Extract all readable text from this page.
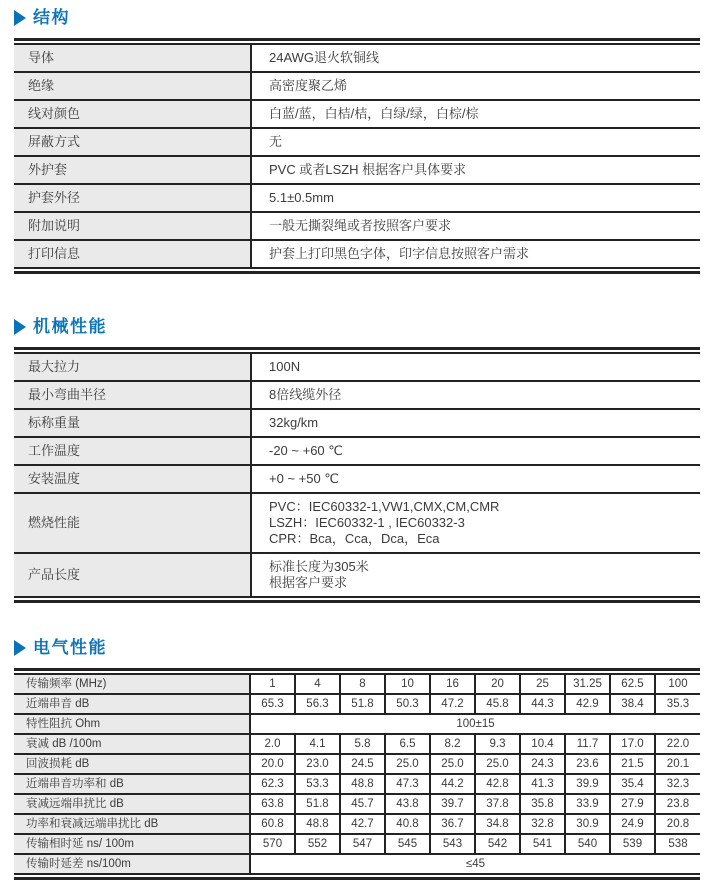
结构
导体	24AWG退火软铜线
绝缘	高密度聚乙烯
线对颜色	白蓝/蓝，白桔/桔，白绿/绿，白棕/棕
屏蔽方式	无
外护套	PVC 或者LSZH 根据客户具体要求
护套外径	5.1±0.5mm
附加说明	一般无撕裂绳或者按照客户要求
打印信息	护套上打印黑色字体，印字信息按照客户需求
机械性能
最大拉力	100N
最小弯曲半径	8倍线缆外径
标称重量	32kg/km
工作温度	-20 ~ +60 ℃
安装温度	+0 ~ +50 ℃
燃烧性能	PVC：IEC60332-1,VW1,CMX,CM,CMR
LSZH：IEC60332-1 , IEC60332-3
CPR：Bca，Cca，Dca，Eca

产品长度	标准长度为305米
根据客户要求
电气性能
传输频率 (MHz)	1	4	8	10	16	20	25	31.25	62.5	100
近端串音 dB	65.3	56.3	51.8	50.3	47.2	45.8	44.3	42.9	38.4	35.3
特性阻抗 Ohm	100±15									
衰减 dB /100m	2.0	4.1	5.8	6.5	8.2	9.3	10.4	11.7	17.0	22.0
回波损耗 dB	20.0	23.0	24.5	25.0	25.0	25.0	24.3	23.6	21.5	20.1
近端串音功率和 dB	62.3	53.3	48.8	47.3	44.2	42.8	41.3	39.9	35.4	32.3
衰减远端串扰比 dB	63.8	51.8	45.7	43.8	39.7	37.8	35.8	33.9	27.9	23.8
功率和衰减远端串扰比 dB	60.8	48.8	42.7	40.8	36.7	34.8	32.8	30.9	24.9	20.8
传输相时延 ns/ 100m	570	552	547	545	543	542	541	540	539	538
传输时延差 ns/100m	≤45									
